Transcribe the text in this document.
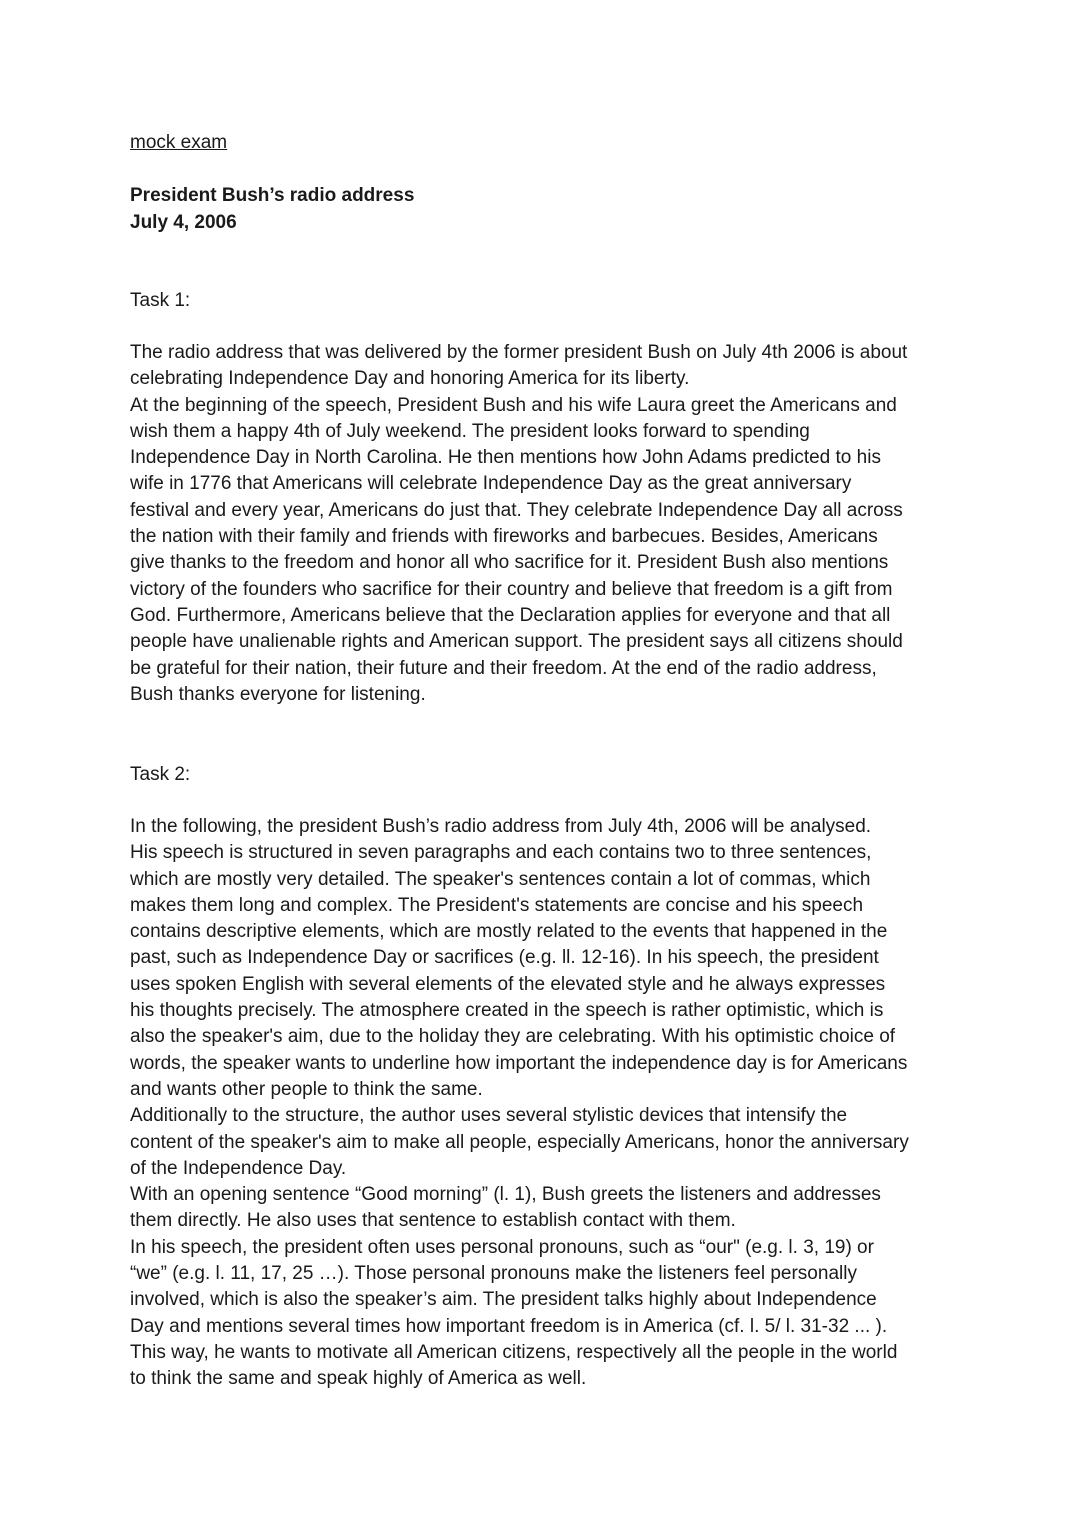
mock exam
President Bush’s radio address
July 4, 2006
Task 1:
The radio address that was delivered by the former president Bush on July 4th 2006 is about
celebrating Independence Day and honoring America for its liberty.
At the beginning of the speech, President Bush and his wife Laura greet the Americans and
wish them a happy 4th of July weekend. The president looks forward to spending
Independence Day in North Carolina. He then mentions how John Adams predicted to his
wife in 1776 that Americans will celebrate Independence Day as the great anniversary
festival and every year, Americans do just that. They celebrate Independence Day all across
the nation with their family and friends with fireworks and barbecues. Besides, Americans
give thanks to the freedom and honor all who sacrifice for it. President Bush also mentions
victory of the founders who sacrifice for their country and believe that freedom is a gift from
God. Furthermore, Americans believe that the Declaration applies for everyone and that all
people have unalienable rights and American support. The president says all citizens should
be grateful for their nation, their future and their freedom. At the end of the radio address,
Bush thanks everyone for listening.
Task 2:
In the following, the president Bush’s radio address from July 4th, 2006 will be analysed.
His speech is structured in seven paragraphs and each contains two to three sentences,
which are mostly very detailed. The speaker's sentences contain a lot of commas, which
makes them long and complex. The President's statements are concise and his speech
contains descriptive elements, which are mostly related to the events that happened in the
past, such as Independence Day or sacrifices (e.g. ll. 12-16). In his speech, the president
uses spoken English with several elements of the elevated style and he always expresses
his thoughts precisely. The atmosphere created in the speech is rather optimistic, which is
also the speaker's aim, due to the holiday they are celebrating. With his optimistic choice of
words, the speaker wants to underline how important the independence day is for Americans
and wants other people to think the same.
Additionally to the structure, the author uses several stylistic devices that intensify the
content of the speaker's aim to make all people, especially Americans, honor the anniversary
of the Independence Day.
With an opening sentence “Good morning” (l. 1), Bush greets the listeners and addresses
them directly. He also uses that sentence to establish contact with them.
In his speech, the president often uses personal pronouns, such as “our" (e.g. l. 3, 19) or
“we” (e.g. l. 11, 17, 25 …). Those personal pronouns make the listeners feel personally
involved, which is also the speaker’s aim. The president talks highly about Independence
Day and mentions several times how important freedom is in America (cf. l. 5/ l. 31-32 ... ).
This way, he wants to motivate all American citizens, respectively all the people in the world
to think the same and speak highly of America as well.
